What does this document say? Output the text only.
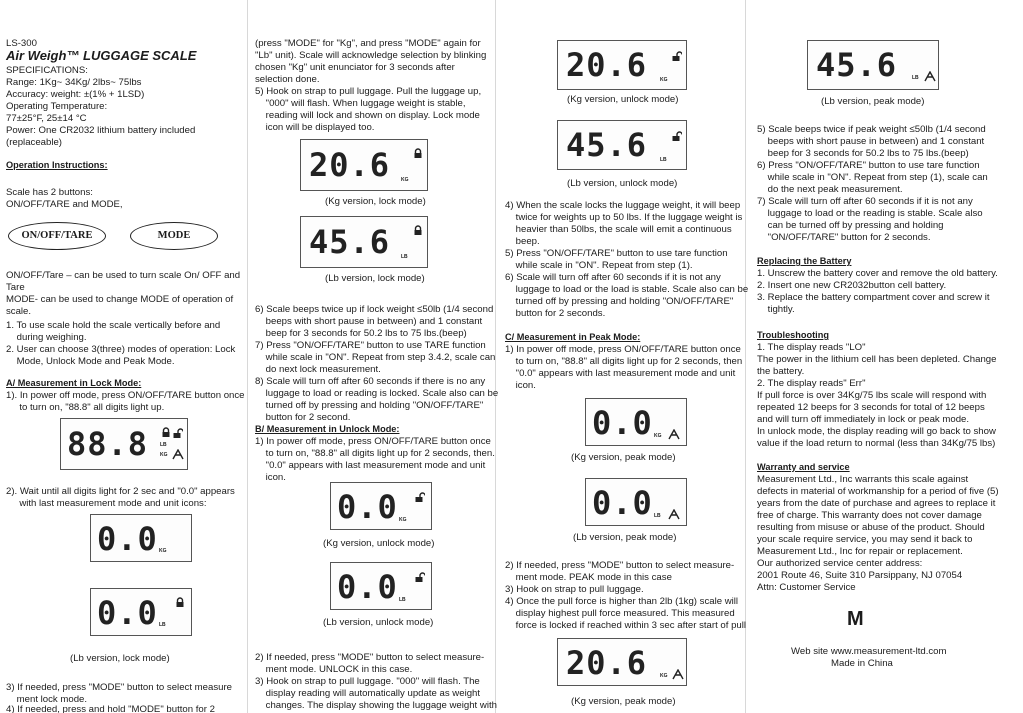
LS-300
Air Weigh™ LUGGAGE SCALE
SPECIFICATIONS:
Range: 1Kg~ 34Kg/ 2lbs~ 75lbs
Accuracy: weight: ±(1% + 1LSD)
Operating Temperature:
77±25°F, 25±14 °C
Power: One CR2032 lithium battery included
(replaceable)
Operation Instructions:
Scale has 2 buttons:
ON/OFF/TARE and MODE,
ON/OFF/TARE	MODE
ON/OFF/Tare – can be used to turn scale On/ OFF and
Tare
MODE- can be used to change MODE of operation of
scale.
1. To use scale hold the scale vertically before and
during weighing.
2. User can choose 3(three) modes of operation: Lock
Mode, Unlock Mode and Peak Mode.
A/ Measurement in Lock Mode:
1). In power off mode, press ON/OFF/TARE button once
to turn on, "88.8" all digits light up.
88.8 LB
KG
2). Wait until all digits light for 2 sec and "0.0" appears
with last measurement mode and unit icons:
0.0 KG
0.0 LB
(Lb version, lock mode)
3) If needed, press "MODE" button to select measure
ment lock mode.
4) If needed, press and hold "MODE" button for 2
(press "MODE" for "Kg", and press "MODE" again for
"Lb" unit). Scale will acknowledge selection by blinking
chosen "Kg" unit enunciator for 3 seconds after
selection done.
5) Hook on strap to pull luggage. Pull the luggage up,
"000" will flash. When luggage weight is stable,
reading will lock and shown on display. Lock mode
icon will be displayed too.
20.6 KG
(Kg version, lock mode)
45.6 LB
(Lb version, lock mode)
6) Scale beeps twice up if lock weight ≤50lb (1/4 second
beeps with short pause in between) and 1 constant
beep for 3 seconds for 50.2 lbs to 75 lbs.(beep)
7) Press "ON/OFF/TARE" button to use TARE function
while scale in "ON". Repeat from step 3.4.2, scale can
do next lock measurement.
8) Scale will turn off after 60 seconds if there is no any
luggage to load or reading is locked. Scale also can be
turned off by pressing and holding "ON/OFF/TARE"
button for 2 second.
B/ Measurement in Unlock Mode:
1) In power off mode, press ON/OFF/TARE button once
to turn on, "88.8" all digits light up for 2 seconds, then.
"0.0" appears with last measurement mode and unit
icon.
0.0 KG
(Kg version, unlock mode)
0.0 LB
(Lb version, unlock mode)
2) If needed, press "MODE" button to select measure-
ment mode. UNLOCK in this case.
3) Hook on strap to pull luggage. "000" will flash. The
display reading will automatically update as weight
changes. The display showing the luggage weight with
20.6	KG
(Kg version, unlock mode)
45.6	LB
(Lb version, unlock mode)
4) When the scale locks the luggage weight, it will beep
twice for weights up to 50 lbs. If the luggage weight is
heavier than 50lbs, the scale will emit a continuous
beep.
5) Press "ON/OFF/TARE" button to use tare function
while scale in "ON". Repeat from step (1).
6) Scale will turn off after 60 seconds if it is not any
luggage to load or the load is stable. Scale also can be
turned off by pressing and holding "ON/OFF/TARE"
button for 2 seconds.
C/ Measurement in Peak Mode:
1) In power off mode, press ON/OFF/TARE button once
to turn on, "88.8" all digits light up for 2 seconds, then
"0.0" appears with last measurement mode and unit
icon.
0.0 KG
(Kg version, peak mode)
0.0 LB
(Lb version, peak mode)
2) If needed, press "MODE" button to select measure-
ment mode. PEAK mode in this case
3) Hook on strap to pull luggage.
4) Once the pull force is higher than 2lb (1kg) scale will
display highest pull force measured. This measured
force is locked if reached within 3 sec after start of pull
20.6	KG
(Kg version, peak mode)
45.6	LB
(Lb version, peak mode)
5) Scale beeps twice if peak weight ≤50lb (1/4 second
beeps with short pause in between) and 1 constant
beep for 3 seconds for 50.2 lbs to 75 lbs.(beep)
6) Press "ON/OFF/TARE" button to use tare function
while scale in "ON". Repeat from step (1), scale can
do the next peak measurement.
7) Scale will turn off after 60 seconds if it is not any
luggage to load or the reading is stable. Scale also
can be turned off by pressing and holding
"ON/OFF/TARE" button for 2 seconds.
Replacing the Battery
1. Unscrew the battery cover and remove the old battery.
2. Insert one new CR2032button cell battery.
3. Replace the battery compartment cover and screw it
tightly.
Troubleshooting
1. The display reads "LO"
The power in the lithium cell has been depleted. Change
the battery.
2. The display reads" Err"
If pull force is over 34Kg/75 lbs scale will respond with
repeated 12 beeps for 3 seconds for total of 12 beeps
and will turn off immediately in lock or peak mode.
In unlock mode, the display reading will go back to show
value if the load return to normal (less than 34Kg/75 lbs)
Warranty and service
Measurement Ltd., Inc warrants this scale against
defects in material of workmanship for a period of five (5)
years from the date of purchase and agrees to replace it
free of charge. This warranty does not cover damage
resulting from misuse or abuse of the product. Should
your scale require service, you may send it back to
Measurement Ltd., Inc for repair or replacement.
Our authorized service center address:
2001 Route 46, Suite 310 Parsippany, NJ 07054
Attn: Customer Service
M
Web site www.measurement-ltd.com
Made in China
